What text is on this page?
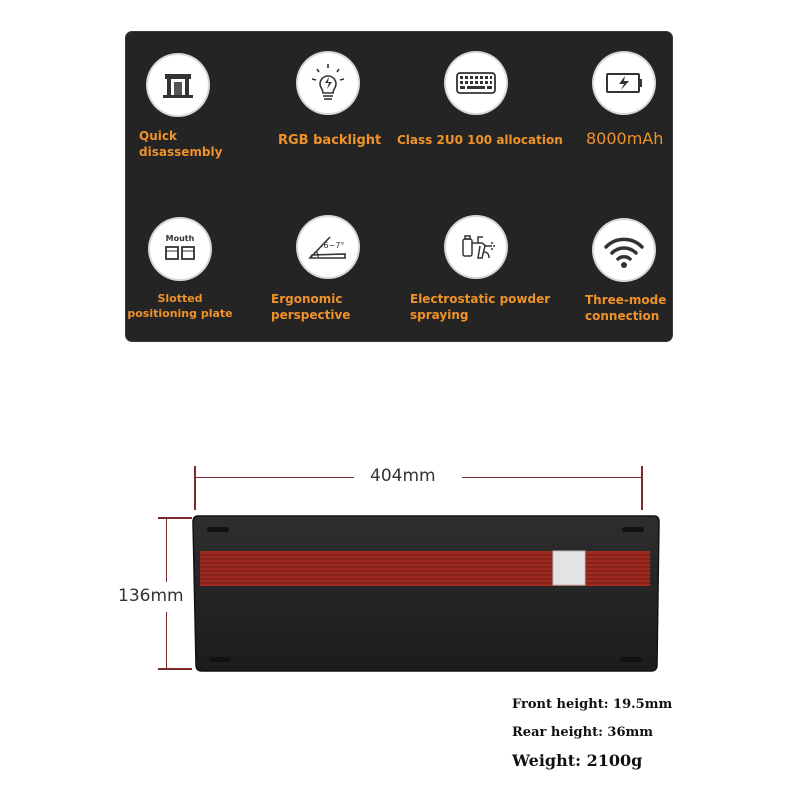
Quick
disassembly
RGB backlight Class 2U0 100 allocation 8000mAh
Mouth
Slotted
positioning plate
6~7°
Ergonomic
perspective
Electrostatic powder
spraying
Three-mode
connection
404mm
136mm
Front height: 19.5mm
Rear height: 36mm
Weight: 2100g
